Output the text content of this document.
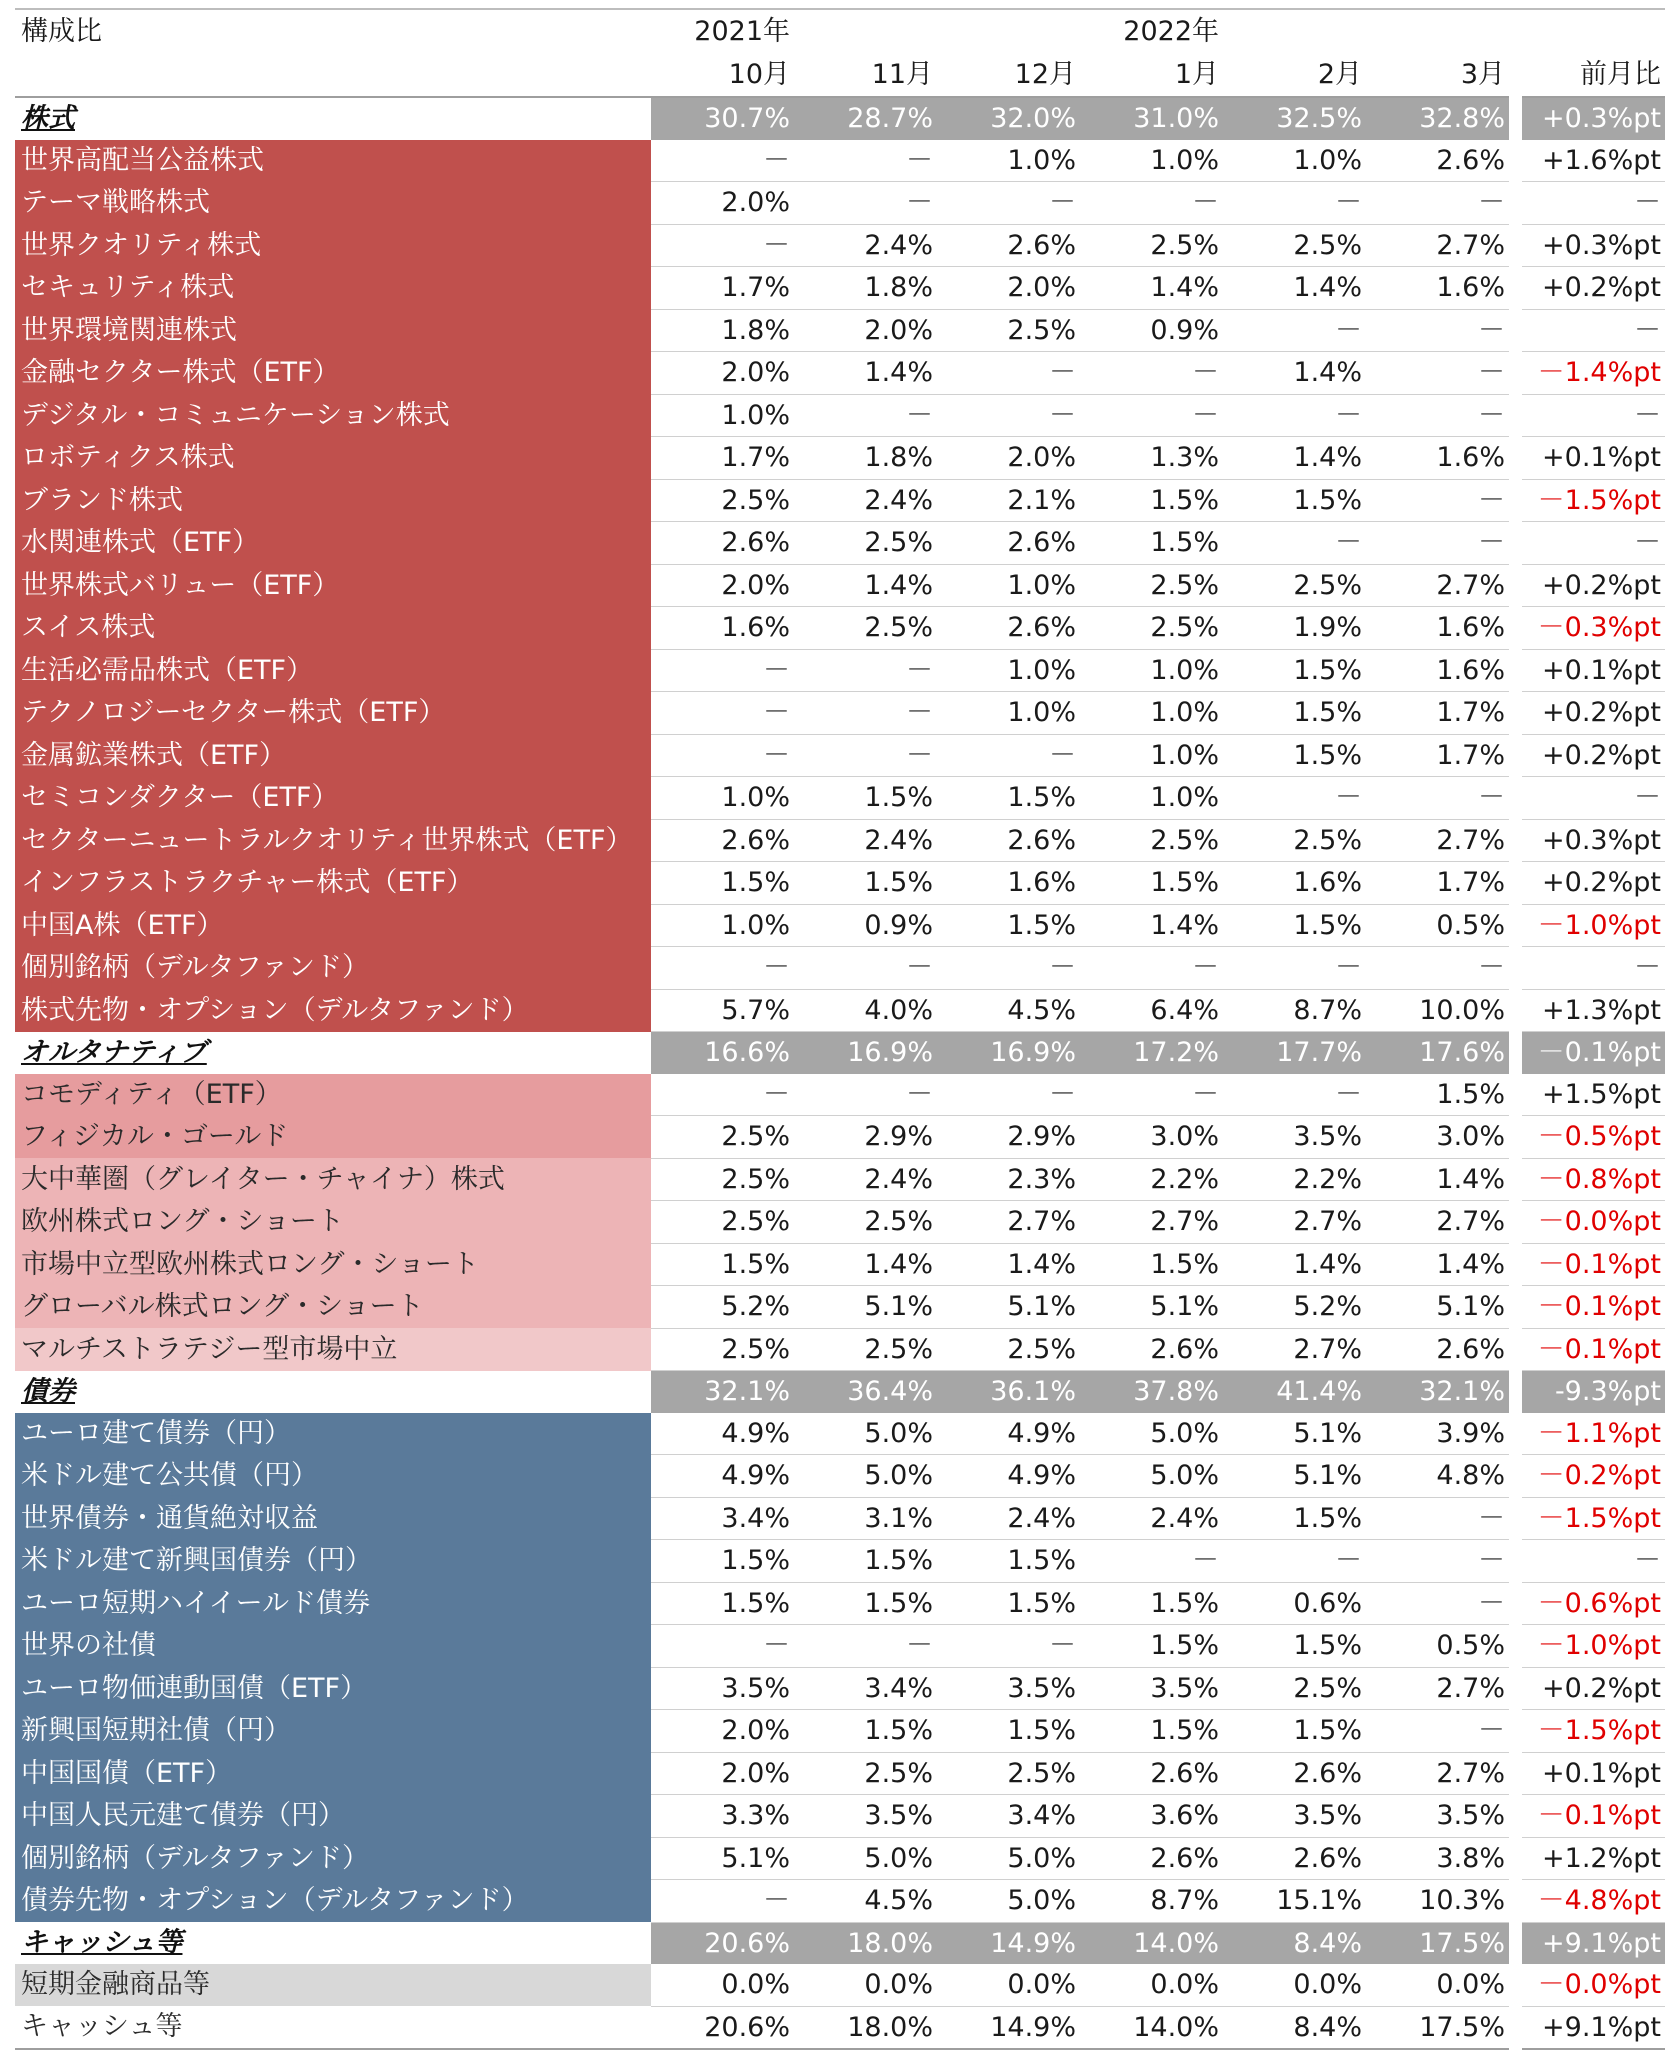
構成比	2021年			2022年				
	10月	11月	12月	1月	2月	3月		前月比
株式	30.7%	28.7%	32.0%	31.0%	32.5%	32.8%		+0.3%pt
世界高配当公益株式	－	－	1.0%	1.0%	1.0%	2.6%		+1.6%pt
テーマ戦略株式	2.0%	－	－	－	－	－		－
世界クオリティ株式	－	2.4%	2.6%	2.5%	2.5%	2.7%		+0.3%pt
セキュリティ株式	1.7%	1.8%	2.0%	1.4%	1.4%	1.6%		+0.2%pt
世界環境関連株式	1.8%	2.0%	2.5%	0.9%	－	－		－
金融セクター株式（ETF）	2.0%	1.4%	－	－	1.4%	－		－1.4%pt
デジタル・コミュニケーション株式	1.0%	－	－	－	－	－		－
ロボティクス株式	1.7%	1.8%	2.0%	1.3%	1.4%	1.6%		+0.1%pt
ブランド株式	2.5%	2.4%	2.1%	1.5%	1.5%	－		－1.5%pt
水関連株式（ETF）	2.6%	2.5%	2.6%	1.5%	－	－		－
世界株式バリュー（ETF）	2.0%	1.4%	1.0%	2.5%	2.5%	2.7%		+0.2%pt
スイス株式	1.6%	2.5%	2.6%	2.5%	1.9%	1.6%		－0.3%pt
生活必需品株式（ETF）	－	－	1.0%	1.0%	1.5%	1.6%		+0.1%pt
テクノロジーセクター株式（ETF）	－	－	1.0%	1.0%	1.5%	1.7%		+0.2%pt
金属鉱業株式（ETF）	－	－	－	1.0%	1.5%	1.7%		+0.2%pt
セミコンダクター（ETF）	1.0%	1.5%	1.5%	1.0%	－	－		－
セクターニュートラルクオリティ世界株式（ETF）	2.6%	2.4%	2.6%	2.5%	2.5%	2.7%		+0.3%pt
インフラストラクチャー株式（ETF）	1.5%	1.5%	1.6%	1.5%	1.6%	1.7%		+0.2%pt
中国A株（ETF）	1.0%	0.9%	1.5%	1.4%	1.5%	0.5%		－1.0%pt
個別銘柄（デルタファンド）	－	－	－	－	－	－		－
株式先物・オプション（デルタファンド）	5.7%	4.0%	4.5%	6.4%	8.7%	10.0%		+1.3%pt
オルタナティブ	16.6%	16.9%	16.9%	17.2%	17.7%	17.6%		－0.1%pt
コモディティ（ETF）	－	－	－	－	－	1.5%		+1.5%pt
フィジカル・ゴールド	2.5%	2.9%	2.9%	3.0%	3.5%	3.0%		－0.5%pt
大中華圏（グレイター・チャイナ）株式	2.5%	2.4%	2.3%	2.2%	2.2%	1.4%		－0.8%pt
欧州株式ロング・ショート	2.5%	2.5%	2.7%	2.7%	2.7%	2.7%		－0.0%pt
市場中立型欧州株式ロング・ショート	1.5%	1.4%	1.4%	1.5%	1.4%	1.4%		－0.1%pt
グローバル株式ロング・ショート	5.2%	5.1%	5.1%	5.1%	5.2%	5.1%		－0.1%pt
マルチストラテジー型市場中立	2.5%	2.5%	2.5%	2.6%	2.7%	2.6%		－0.1%pt
債券	32.1%	36.4%	36.1%	37.8%	41.4%	32.1%		-9.3%pt
ユーロ建て債券（円）	4.9%	5.0%	4.9%	5.0%	5.1%	3.9%		－1.1%pt
米ドル建て公共債（円）	4.9%	5.0%	4.9%	5.0%	5.1%	4.8%		－0.2%pt
世界債券・通貨絶対収益	3.4%	3.1%	2.4%	2.4%	1.5%	－		－1.5%pt
米ドル建て新興国債券（円）	1.5%	1.5%	1.5%	－	－	－		－
ユーロ短期ハイイールド債券	1.5%	1.5%	1.5%	1.5%	0.6%	－		－0.6%pt
世界の社債	－	－	－	1.5%	1.5%	0.5%		－1.0%pt
ユーロ物価連動国債（ETF）	3.5%	3.4%	3.5%	3.5%	2.5%	2.7%		+0.2%pt
新興国短期社債（円）	2.0%	1.5%	1.5%	1.5%	1.5%	－		－1.5%pt
中国国債（ETF）	2.0%	2.5%	2.5%	2.6%	2.6%	2.7%		+0.1%pt
中国人民元建て債券（円）	3.3%	3.5%	3.4%	3.6%	3.5%	3.5%		－0.1%pt
個別銘柄（デルタファンド）	5.1%	5.0%	5.0%	2.6%	2.6%	3.8%		+1.2%pt
債券先物・オプション（デルタファンド）	－	4.5%	5.0%	8.7%	15.1%	10.3%		－4.8%pt
キャッシュ等	20.6%	18.0%	14.9%	14.0%	8.4%	17.5%		+9.1%pt
短期金融商品等	0.0%	0.0%	0.0%	0.0%	0.0%	0.0%		－0.0%pt
キャッシュ等	20.6%	18.0%	14.9%	14.0%	8.4%	17.5%		+9.1%pt
